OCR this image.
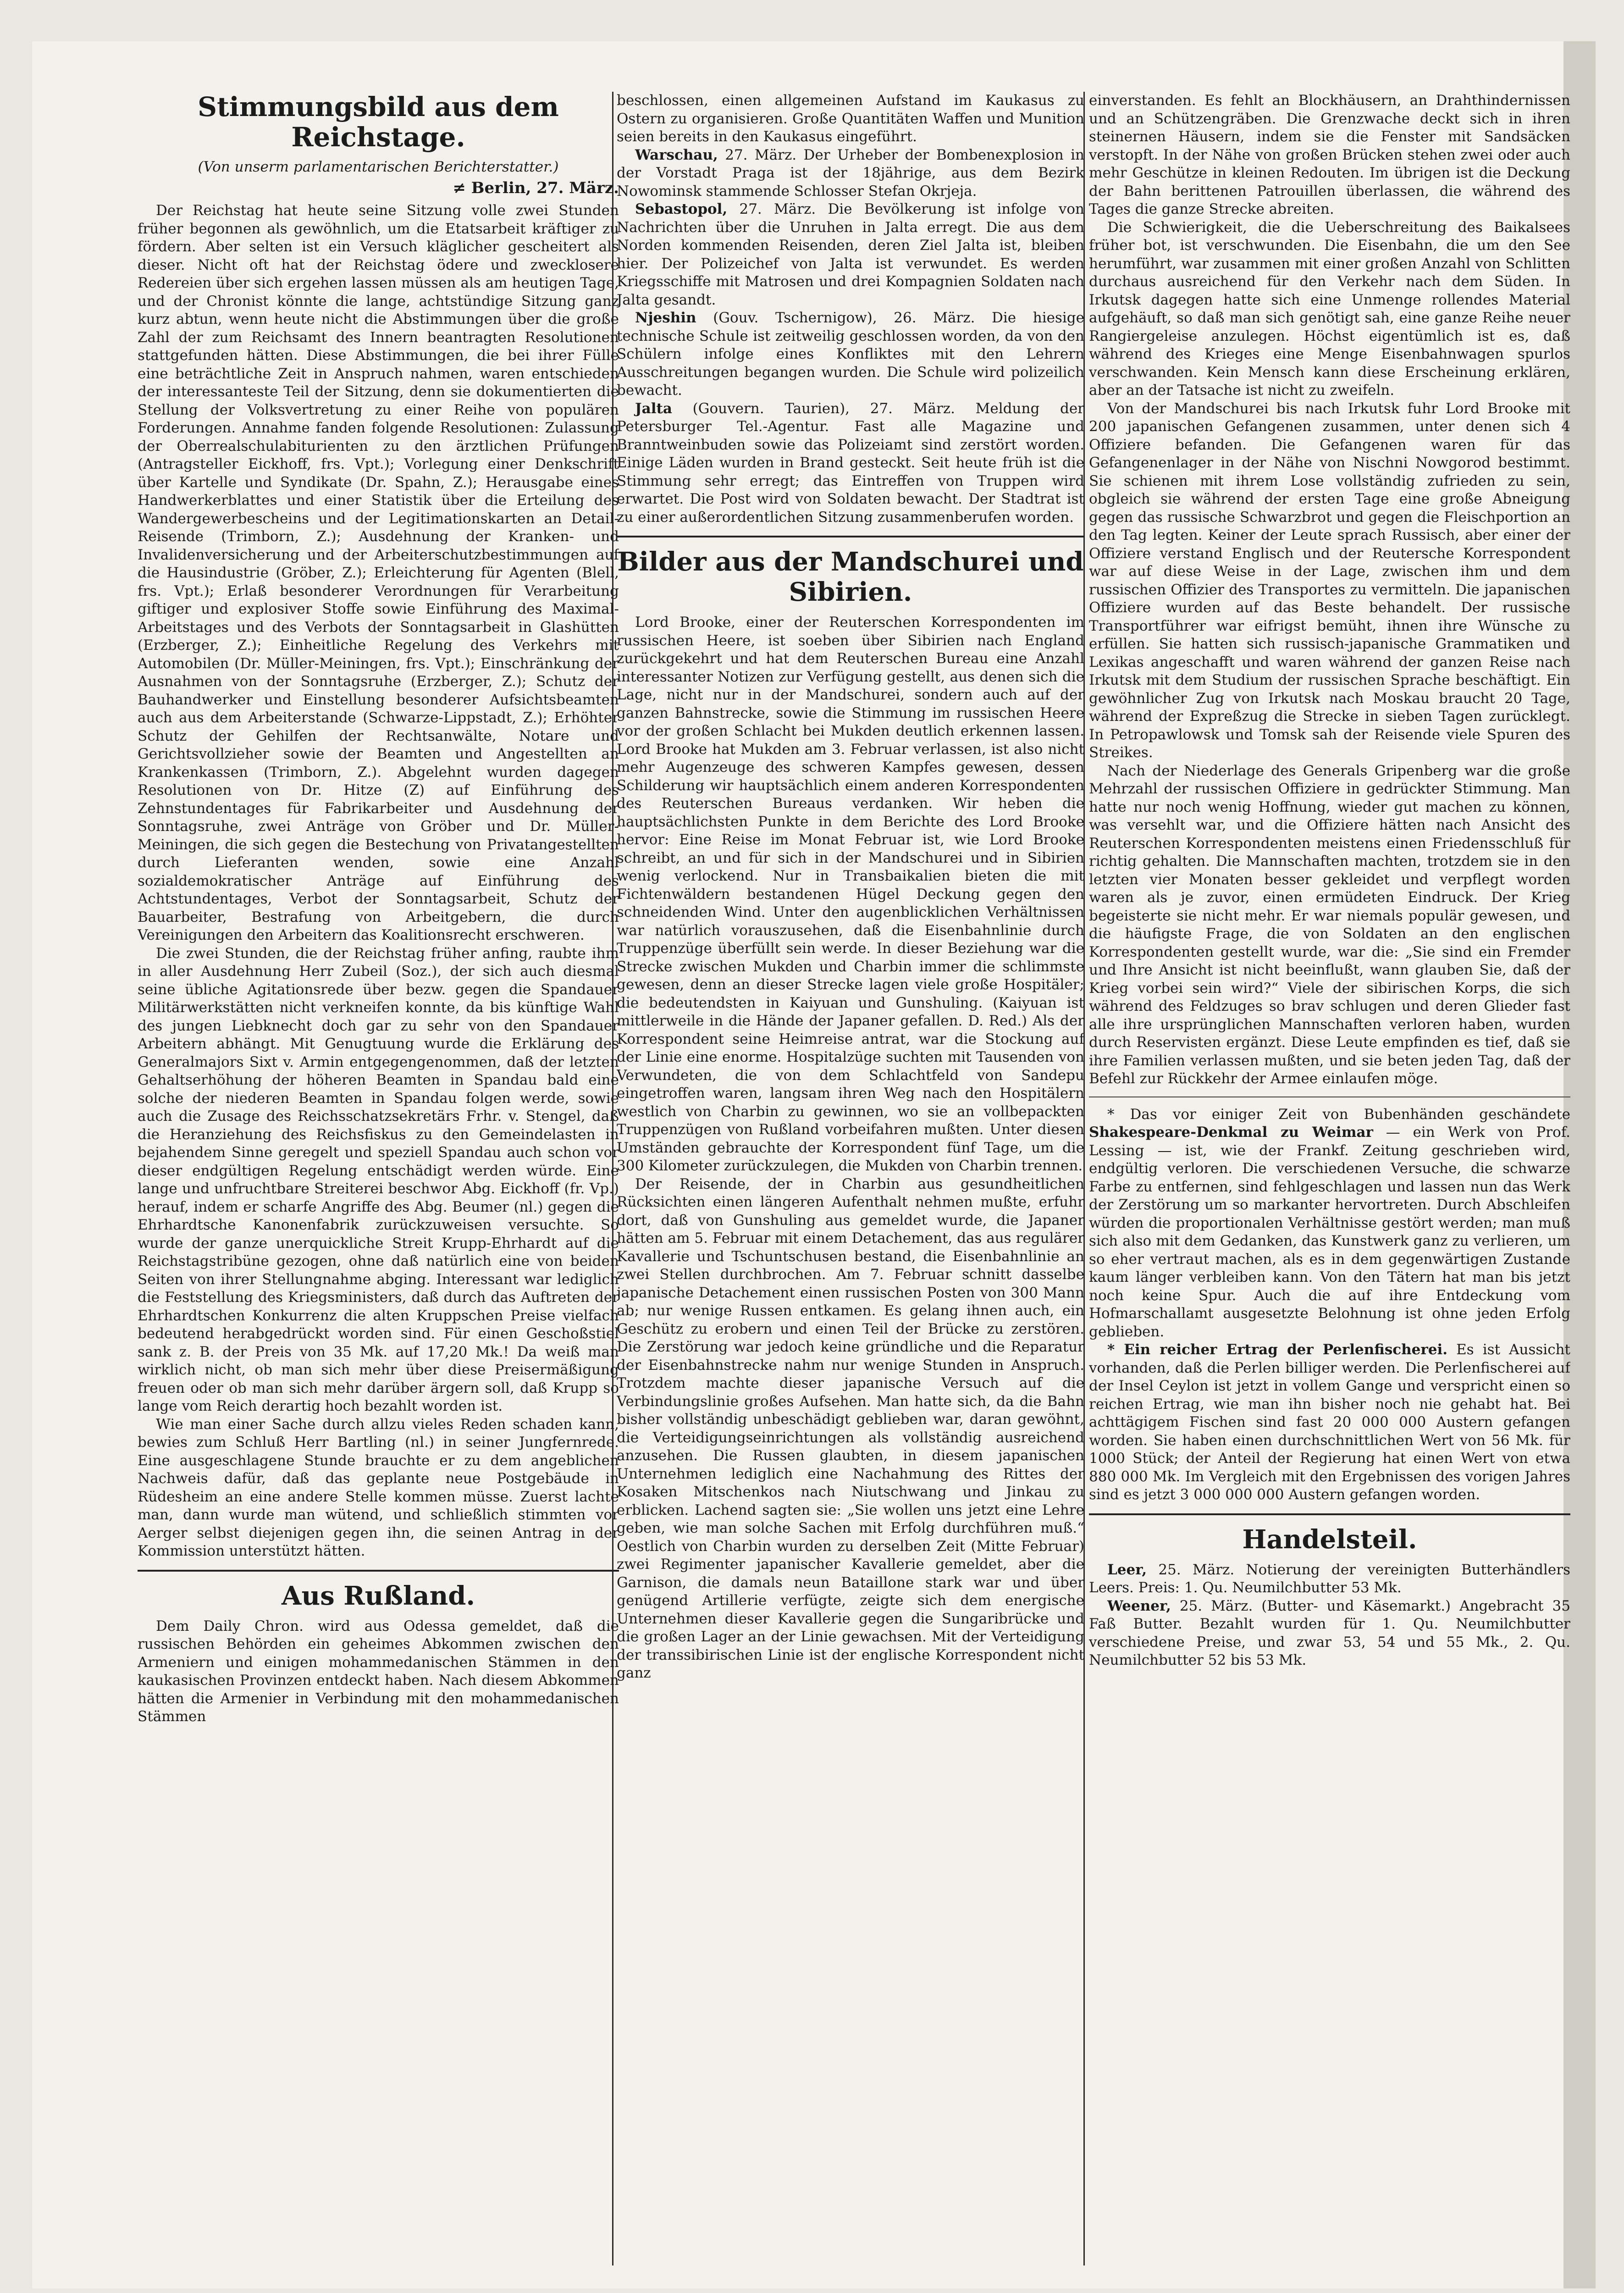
Stimmungsbild aus dem Reichstage.
(Von unserm parlamentarischen Berichterstatter.)
≠ Berlin, 27. März.

Der Reichstag hat heute seine Sitzung volle zwei Stunden früher begonnen als gewöhnlich, um die Etatsarbeit kräftiger zu fördern. Aber selten ist ein Versuch kläglicher gescheitert als dieser. Nicht oft hat der Reichstag ödere und zwecklosere Redereien über sich ergehen lassen müssen als am heutigen Tage, und der Chronist könnte die lange, achtstündige Sitzung ganz kurz abtun, wenn heute nicht die Abstimmungen über die große Zahl der zum Reichsamt des Innern beantragten Resolutionen stattgefunden hätten. Diese Abstimmungen, die bei ihrer Fülle eine beträchtliche Zeit in Anspruch nahmen, waren entschieden der interessanteste Teil der Sitzung, denn sie dokumentierten die Stellung der Volksvertretung zu einer Reihe von populären Forderungen. Annahme fanden folgende Resolutionen: Zulassung der Oberrealschulabiturienten zu den ärztlichen Prüfungen (Antragsteller Eickhoff, frs. Vpt.); Vorlegung einer Denkschrift über Kartelle und Syndikate (Dr. Spahn, Z.); Herausgabe eines Handwerkerblattes und einer Statistik über die Erteilung des Wandergewerbescheins und der Legitimationskarten an Detail-Reisende (Trimborn, Z.); Ausdehnung der Kranken- und Invalidenversicherung und der Arbeiterschutzbestimmungen auf die Hausindustrie (Gröber, Z.); Erleichterung für Agenten (Blell, frs. Vpt.); Erlaß besonderer Verordnungen für Verarbeitung giftiger und explosiver Stoffe sowie Einführung des Maximal-Arbeitstages und des Verbots der Sonntagsarbeit in Glashütten (Erzberger, Z.); Einheitliche Regelung des Verkehrs mit Automobilen (Dr. Müller-Meiningen, frs. Vpt.); Einschränkung der Ausnahmen von der Sonntagsruhe (Erzberger, Z.); Schutz der Bauhandwerker und Einstellung besonderer Aufsichtsbeamten auch aus dem Arbeiterstande (Schwarze-Lippstadt, Z.); Erhöhter Schutz der Gehilfen der Rechtsanwälte, Notare und Gerichtsvollzieher sowie der Beamten und Angestellten an Krankenkassen (Trimborn, Z.). Abgelehnt wurden dagegen Resolutionen von Dr. Hitze (Z) auf Einführung des Zehnstundentages für Fabrikarbeiter und Ausdehnung der Sonntagsruhe, zwei Anträge von Gröber und Dr. Müller-Meiningen, die sich gegen die Bestechung von Privatangestellten durch Lieferanten wenden, sowie eine Anzahl sozialdemokratischer Anträge auf Einführung des Achtstundentages, Verbot der Sonntagsarbeit, Schutz der Bauarbeiter, Bestrafung von Arbeitgebern, die durch Vereinigungen den Arbeitern das Koalitionsrecht erschweren.

Die zwei Stunden, die der Reichstag früher anfing, raubte ihm in aller Ausdehnung Herr Zubeil (Soz.), der sich auch diesmal seine übliche Agitationsrede über bezw. gegen die Spandauer Militärwerkstätten nicht verkneifen konnte, da bis künftige Wahl des jungen Liebknecht doch gar zu sehr von den Spandauer Arbeitern abhängt. Mit Genugtuung wurde die Erklärung des Generalmajors Sixt v. Armin entgegengenommen, daß der letzten Gehaltserhöhung der höheren Beamten in Spandau bald eine solche der niederen Beamten in Spandau folgen werde, sowie auch die Zusage des Reichsschatzsekretärs Frhr. v. Stengel, daß die Heranziehung des Reichsfiskus zu den Gemeindelasten in bejahendem Sinne geregelt und speziell Spandau auch schon vor dieser endgültigen Regelung entschädigt werden würde. Eine lange und unfruchtbare Streiterei beschwor Abg. Eickhoff (fr. Vp.) herauf, indem er scharfe Angriffe des Abg. Beumer (nl.) gegen die Ehrhardtsche Kanonenfabrik zurückzuweisen versuchte. So wurde der ganze unerquickliche Streit Krupp-Ehrhardt auf die Reichstagstribüne gezogen, ohne daß natürlich eine von beiden Seiten von ihrer Stellungnahme abging. Interessant war lediglich die Feststellung des Kriegsministers, daß durch das Auftreten der Ehrhardtschen Konkurrenz die alten Kruppschen Preise vielfach bedeutend herabgedrückt worden sind. Für einen Geschoßstiel sank z. B. der Preis von 35 Mk. auf 17,20 Mk.! Da weiß man wirklich nicht, ob man sich mehr über diese Preisermäßigung freuen oder ob man sich mehr darüber ärgern soll, daß Krupp so lange vom Reich derartig hoch bezahlt worden ist.

Wie man einer Sache durch allzu vieles Reden schaden kann, bewies zum Schluß Herr Bartling (nl.) in seiner Jungfernrede. Eine ausgeschlagene Stunde brauchte er zu dem angeblichen Nachweis dafür, daß das geplante neue Postgebäude in Rüdesheim an eine andere Stelle kommen müsse. Zuerst lachte man, dann wurde man wütend, und schließlich stimmten vor Aerger selbst diejenigen gegen ihn, die seinen Antrag in der Kommission unterstützt hätten.

Aus Rußland.

Dem Daily Chron. wird aus Odessa gemeldet, daß die russischen Behörden ein geheimes Abkommen zwischen den Armeniern und einigen mohammedanischen Stämmen in den kaukasischen Provinzen entdeckt haben. Nach diesem Abkommen hätten die Armenier in Verbindung mit den mohammedanischen Stämmen

beschlossen, einen allgemeinen Aufstand im Kaukasus zu Ostern zu organisieren. Große Quantitäten Waffen und Munition seien bereits in den Kaukasus eingeführt.

Warschau, 27. März. Der Urheber der Bombenexplosion in der Vorstadt Praga ist der 18jährige, aus dem Bezirk Nowominsk stammende Schlosser Stefan Okrjeja.

Sebastopol, 27. März. Die Bevölkerung ist infolge von Nachrichten über die Unruhen in Jalta erregt. Die aus dem Norden kommenden Reisenden, deren Ziel Jalta ist, bleiben hier. Der Polizeichef von Jalta ist verwundet. Es werden Kriegsschiffe mit Matrosen und drei Kompagnien Soldaten nach Jalta gesandt.

Njeshin (Gouv. Tschernigow), 26. März. Die hiesige technische Schule ist zeitweilig geschlossen worden, da von den Schülern infolge eines Konfliktes mit den Lehrern Ausschreitungen begangen wurden. Die Schule wird polizeilich bewacht.

Jalta (Gouvern. Taurien), 27. März. Meldung der Petersburger Tel.-Agentur. Fast alle Magazine und Branntweinbuden sowie das Polizeiamt sind zerstört worden. Einige Läden wurden in Brand gesteckt. Seit heute früh ist die Stimmung sehr erregt; das Eintreffen von Truppen wird erwartet. Die Post wird von Soldaten bewacht. Der Stadtrat ist zu einer außerordentlichen Sitzung zusammenberufen worden.

Bilder aus der Mandschurei und Sibirien.

Lord Brooke, einer der Reuterschen Korrespondenten im russischen Heere, ist soeben über Sibirien nach England zurückgekehrt und hat dem Reuterschen Bureau eine Anzahl interessanter Notizen zur Verfügung gestellt, aus denen sich die Lage, nicht nur in der Mandschurei, sondern auch auf der ganzen Bahnstrecke, sowie die Stimmung im russischen Heere vor der großen Schlacht bei Mukden deutlich erkennen lassen. Lord Brooke hat Mukden am 3. Februar verlassen, ist also nicht mehr Augenzeuge des schweren Kampfes gewesen, dessen Schilderung wir hauptsächlich einem anderen Korrespondenten des Reuterschen Bureaus verdanken. Wir heben die hauptsächlichsten Punkte in dem Berichte des Lord Brooke hervor: Eine Reise im Monat Februar ist, wie Lord Brooke schreibt, an und für sich in der Mandschurei und in Sibirien wenig verlockend. Nur in Transbaikalien bieten die mit Fichtenwäldern bestandenen Hügel Deckung gegen den schneidenden Wind. Unter den augenblicklichen Verhältnissen war natürlich vorauszusehen, daß die Eisenbahnlinie durch Truppenzüge überfüllt sein werde. In dieser Beziehung war die Strecke zwischen Mukden und Charbin immer die schlimmste gewesen, denn an dieser Strecke lagen viele große Hospitäler; die bedeutendsten in Kaiyuan und Gunshuling. (Kaiyuan ist mittlerweile in die Hände der Japaner gefallen. D. Red.) Als der Korrespondent seine Heimreise antrat, war die Stockung auf der Linie eine enorme. Hospitalzüge suchten mit Tausenden von Verwundeten, die von dem Schlachtfeld von Sandepu eingetroffen waren, langsam ihren Weg nach den Hospitälern westlich von Charbin zu gewinnen, wo sie an vollbepackten Truppenzügen von Rußland vorbeifahren mußten. Unter diesen Umständen gebrauchte der Korrespondent fünf Tage, um die 300 Kilometer zurückzulegen, die Mukden von Charbin trennen.

Der Reisende, der in Charbin aus gesundheitlichen Rücksichten einen längeren Aufenthalt nehmen mußte, erfuhr dort, daß von Gunshuling aus gemeldet wurde, die Japaner hätten am 5. Februar mit einem Detachement, das aus regulärer Kavallerie und Tschuntschusen bestand, die Eisenbahnlinie an zwei Stellen durchbrochen. Am 7. Februar schnitt dasselbe japanische Detachement einen russischen Posten von 300 Mann ab; nur wenige Russen entkamen. Es gelang ihnen auch, ein Geschütz zu erobern und einen Teil der Brücke zu zerstören. Die Zerstörung war jedoch keine gründliche und die Reparatur der Eisenbahnstrecke nahm nur wenige Stunden in Anspruch. Trotzdem machte dieser japanische Versuch auf die Verbindungslinie großes Aufsehen. Man hatte sich, da die Bahn bisher vollständig unbeschädigt geblieben war, daran gewöhnt, die Verteidigungseinrichtungen als vollständig ausreichend anzusehen. Die Russen glaubten, in diesem japanischen Unternehmen lediglich eine Nachahmung des Rittes der Kosaken Mitschenkos nach Niutschwang und Jinkau zu erblicken. Lachend sagten sie: „Sie wollen uns jetzt eine Lehre geben, wie man solche Sachen mit Erfolg durchführen muß.“ Oestlich von Charbin wurden zu derselben Zeit (Mitte Februar) zwei Regimenter japanischer Kavallerie gemeldet, aber die Garnison, die damals neun Bataillone stark war und über genügend Artillerie verfügte, zeigte sich dem energische Unternehmen dieser Kavallerie gegen die Sungaribrücke und die großen Lager an der Linie gewachsen. Mit der Verteidigung der transsibirischen Linie ist der englische Korrespondent nicht ganz

einverstanden. Es fehlt an Blockhäusern, an Drahthindernissen und an Schützengräben. Die Grenzwache deckt sich in ihren steinernen Häusern, indem sie die Fenster mit Sandsäcken verstopft. In der Nähe von großen Brücken stehen zwei oder auch mehr Geschütze in kleinen Redouten. Im übrigen ist die Deckung der Bahn berittenen Patrouillen überlassen, die während des Tages die ganze Strecke abreiten.

Die Schwierigkeit, die die Ueberschreitung des Baikalsees früher bot, ist verschwunden. Die Eisenbahn, die um den See herumführt, war zusammen mit einer großen Anzahl von Schlitten durchaus ausreichend für den Verkehr nach dem Süden. In Irkutsk dagegen hatte sich eine Unmenge rollendes Material aufgehäuft, so daß man sich genötigt sah, eine ganze Reihe neuer Rangiergeleise anzulegen. Höchst eigentümlich ist es, daß während des Krieges eine Menge Eisenbahnwagen spurlos verschwanden. Kein Mensch kann diese Erscheinung erklären, aber an der Tatsache ist nicht zu zweifeln.

Von der Mandschurei bis nach Irkutsk fuhr Lord Brooke mit 200 japanischen Gefangenen zusammen, unter denen sich 4 Offiziere befanden. Die Gefangenen waren für das Gefangenenlager in der Nähe von Nischni Nowgorod bestimmt. Sie schienen mit ihrem Lose vollständig zufrieden zu sein, obgleich sie während der ersten Tage eine große Abneigung gegen das russische Schwarzbrot und gegen die Fleischportion an den Tag legten. Keiner der Leute sprach Russisch, aber einer der Offiziere verstand Englisch und der Reutersche Korrespondent war auf diese Weise in der Lage, zwischen ihm und dem russischen Offizier des Transportes zu vermitteln. Die japanischen Offiziere wurden auf das Beste behandelt. Der russische Transportführer war eifrigst bemüht, ihnen ihre Wünsche zu erfüllen. Sie hatten sich russisch-japanische Grammatiken und Lexikas angeschafft und waren während der ganzen Reise nach Irkutsk mit dem Studium der russischen Sprache beschäftigt. Ein gewöhnlicher Zug von Irkutsk nach Moskau braucht 20 Tage, während der Expreßzug die Strecke in sieben Tagen zurücklegt. In Petropawlowsk und Tomsk sah der Reisende viele Spuren des Streikes.

Nach der Niederlage des Generals Gripenberg war die große Mehrzahl der russischen Offiziere in gedrückter Stimmung. Man hatte nur noch wenig Hoffnung, wieder gut machen zu können, was versehlt war, und die Offiziere hätten nach Ansicht des Reuterschen Korrespondenten meistens einen Friedensschluß für richtig gehalten. Die Mannschaften machten, trotzdem sie in den letzten vier Monaten besser gekleidet und verpflegt worden waren als je zuvor, einen ermüdeten Eindruck. Der Krieg begeisterte sie nicht mehr. Er war niemals populär gewesen, und die häufigste Frage, die von Soldaten an den englischen Korrespondenten gestellt wurde, war die: „Sie sind ein Fremder und Ihre Ansicht ist nicht beeinflußt, wann glauben Sie, daß der Krieg vorbei sein wird?“ Viele der sibirischen Korps, die sich während des Feldzuges so brav schlugen und deren Glieder fast alle ihre ursprünglichen Mannschaften verloren haben, wurden durch Reservisten ergänzt. Diese Leute empfinden es tief, daß sie ihre Familien verlassen mußten, und sie beten jeden Tag, daß der Befehl zur Rückkehr der Armee einlaufen möge.

* Das vor einiger Zeit von Bubenhänden geschändete Shakespeare-Denkmal zu Weimar — ein Werk von Prof. Lessing — ist, wie der Frankf. Zeitung geschrieben wird, endgültig verloren. Die verschiedenen Versuche, die schwarze Farbe zu entfernen, sind fehlgeschlagen und lassen nun das Werk der Zerstörung um so markanter hervortreten. Durch Abschleifen würden die proportionalen Verhältnisse gestört werden; man muß sich also mit dem Gedanken, das Kunstwerk ganz zu verlieren, um so eher vertraut machen, als es in dem gegenwärtigen Zustande kaum länger verbleiben kann. Von den Tätern hat man bis jetzt noch keine Spur. Auch die auf ihre Entdeckung vom Hofmarschallamt ausgesetzte Belohnung ist ohne jeden Erfolg geblieben.

* Ein reicher Ertrag der Perlenfischerei. Es ist Aussicht vorhanden, daß die Perlen billiger werden. Die Perlenfischerei auf der Insel Ceylon ist jetzt in vollem Gange und verspricht einen so reichen Ertrag, wie man ihn bisher noch nie gehabt hat. Bei achttägigem Fischen sind fast 20 000 000 Austern gefangen worden. Sie haben einen durchschnittlichen Wert von 56 Mk. für 1000 Stück; der Anteil der Regierung hat einen Wert von etwa 880 000 Mk. Im Vergleich mit den Ergebnissen des vorigen Jahres sind es jetzt 3 000 000 000 Austern gefangen worden.

Handelsteil.

Leer, 25. März. Notierung der vereinigten Butterhändlers Leers. Preis: 1. Qu. Neumilchbutter 53 Mk.

Weener, 25. März. (Butter- und Käsemarkt.) Angebracht 35 Faß Butter. Bezahlt wurden für 1. Qu. Neumilchbutter verschiedene Preise, und zwar 53, 54 und 55 Mk., 2. Qu. Neumilchbutter 52 bis 53 Mk.
